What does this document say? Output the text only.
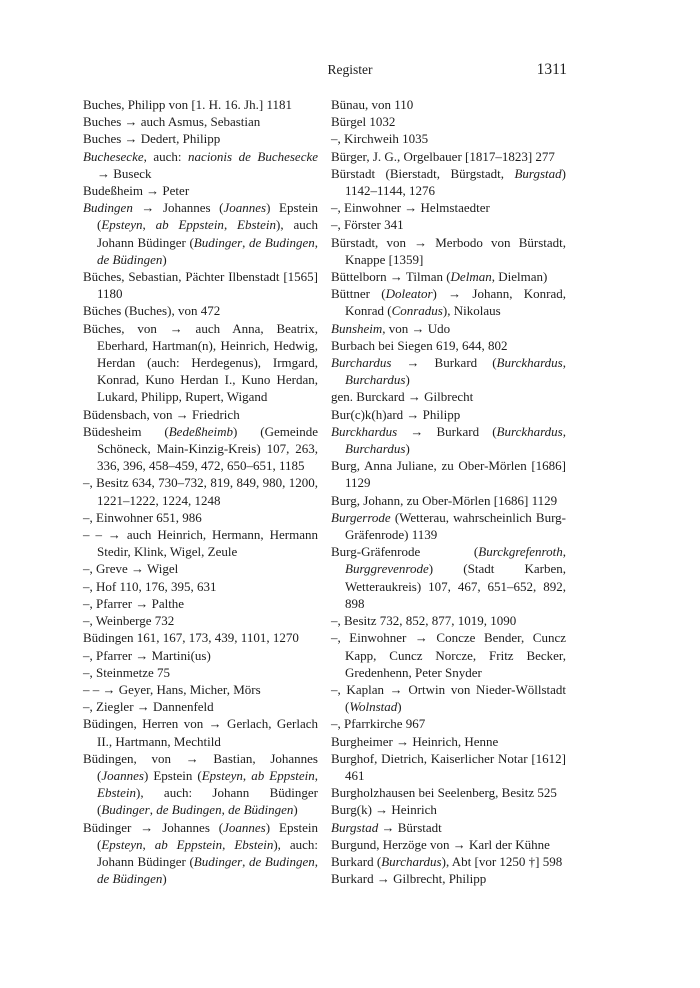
Register	1311
Buches, Philipp von [1. H. 16. Jh.] 1181
Buches → auch Asmus, Sebastian
Buches → Dedert, Philipp
Buchesecke, auch: nacionis de Buchesecke → Buseck
Budeßheim → Peter
Budingen → Johannes (Joannes) Epstein (Epsteyn, ab Eppstein, Ebstein), auch Johann Büdinger (Budinger, de Budingen, de Büdingen)
Büches, Sebastian, Pächter Ilbenstadt [1565] 1180
Büches (Buches), von 472
Büches, von → auch Anna, Beatrix, Eberhard, Hartman(n), Heinrich, Hedwig, Herdan (auch: Herdegenus), Irmgard, Konrad, Kuno Herdan I., Kuno Herdan, Lukard, Philipp, Rupert, Wigand
Büdensbach, von → Friedrich
Büdesheim (Bedeßheimb) (Gemeinde Schöneck, Main-Kinzig-Kreis) 107, 263, 336, 396, 458–459, 472, 650–651, 1185
–, Besitz 634, 730–732, 819, 849, 980, 1200, 1221–1222, 1224, 1248
–, Einwohner 651, 986
– – → auch Heinrich, Hermann, Hermann Stedir, Klink, Wigel, Zeule
–, Greve → Wigel
–, Hof 110, 176, 395, 631
–, Pfarrer → Palthe
–, Weinberge 732
Büdingen 161, 167, 173, 439, 1101, 1270
–, Pfarrer → Martini(us)
–, Steinmetze 75
– – → Geyer, Hans, Micher, Mörs
–, Ziegler → Dannenfeld
Büdingen, Herren von → Gerlach, Gerlach II., Hartmann, Mechtild
Büdingen, von → Bastian, Johannes (Joannes) Epstein (Epsteyn, ab Eppstein, Ebstein), auch: Johann Büdinger (Budinger, de Budingen, de Büdingen)
Büdinger → Johannes (Joannes) Epstein (Epsteyn, ab Eppstein, Ebstein), auch: Johann Büdinger (Budinger, de Budingen, de Büdingen)
Bünau, von 110
Bürgel 1032
–, Kirchweih 1035
Bürger, J. G., Orgelbauer [1817–1823] 277
Bürstadt (Bierstadt, Bürgstadt, Burgstad) 1142–1144, 1276
–, Einwohner → Helmstaedter
–, Förster 341
Bürstadt, von → Merbodo von Bürstadt, Knappe [1359]
Büttelborn → Tilman (Delman, Dielman)
Büttner (Doleator) → Johann, Konrad, Konrad (Conradus), Nikolaus
Bunsheim, von → Udo
Burbach bei Siegen 619, 644, 802
Burchardus → Burkard (Burckhardus, Burchardus)
gen. Burckard → Gilbrecht
Bur(c)k(h)ard → Philipp
Burckhardus → Burkard (Burckhardus, Burchardus)
Burg, Anna Juliane, zu Ober-Mörlen [1686] 1129
Burg, Johann, zu Ober-Mörlen [1686] 1129
Burgerrode (Wetterau, wahrscheinlich Burg-Gräfenrode) 1139
Burg-Gräfenrode (Burckgrefenroth, Burggrevenrode) (Stadt Karben, Wetteraukreis) 107, 467, 651–652, 892, 898
–, Besitz 732, 852, 877, 1019, 1090
–, Einwohner → Concze Bender, Cuncz Kapp, Cuncz Norcze, Fritz Becker, Gredenhenn, Peter Snyder
–, Kaplan → Ortwin von Nieder-Wöllstadt (Wolnstad)
–, Pfarrkirche 967
Burgheimer → Heinrich, Henne
Burghof, Dietrich, Kaiserlicher Notar [1612] 461
Burgholzhausen bei Seelenberg, Besitz 525
Burg(k) → Heinrich
Burgstad → Bürstadt
Burgund, Herzöge von → Karl der Kühne
Burkard (Burchardus), Abt [vor 1250 †] 598
Burkard → Gilbrecht, Philipp
